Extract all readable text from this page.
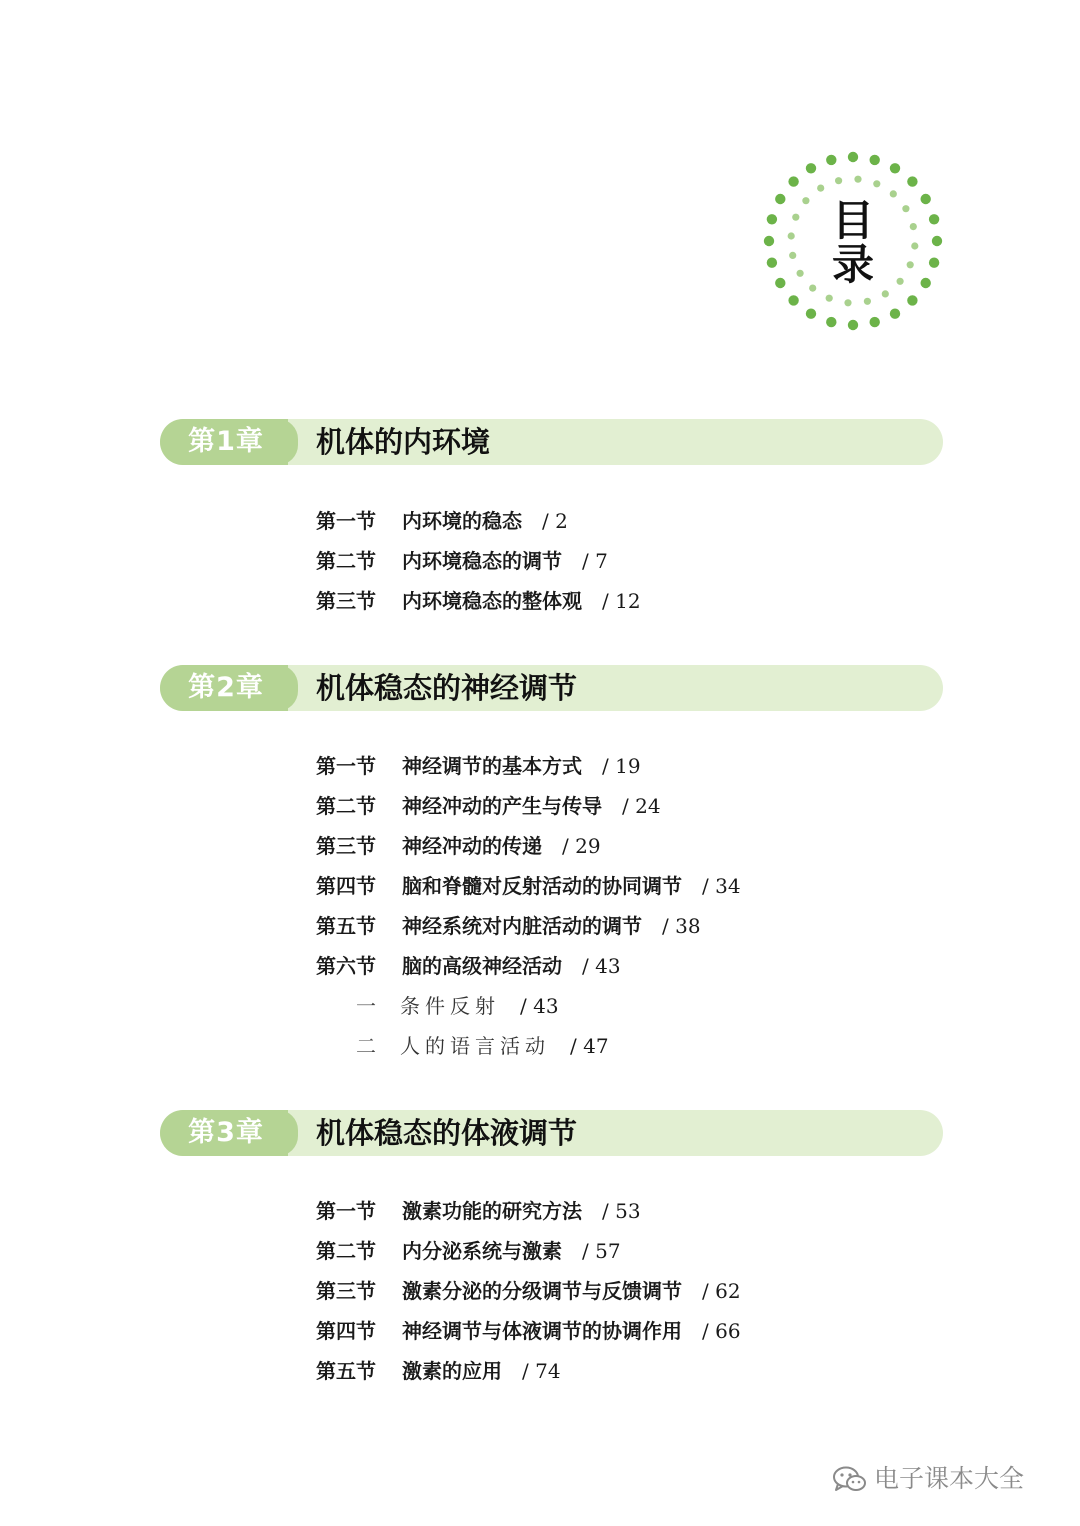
目
录
第1章	机体的内环境
第一节 内环境的稳态 / 2
第二节 内环境稳态的调节 / 7
第三节 内环境稳态的整体观 / 12
第2章	机体稳态的神经调节
第一节 神经调节的基本方式 / 19
第二节 神经冲动的产生与传导 / 24
第三节 神经冲动的传递 / 29
第四节 脑和脊髓对反射活动的协同调节 / 34
第五节 神经系统对内脏活动的调节 / 38
第六节 脑的高级神经活动 / 43
一 条件反射 / 43
二 人的语言活动 / 47
第3章	机体稳态的体液调节
第一节 激素功能的研究方法 / 53
第二节 内分泌系统与激素 / 57
第三节 激素分泌的分级调节与反馈调节 / 62
第四节 神经调节与体液调节的协调作用 / 66
第五节 激素的应用 / 74
电子课本大全
